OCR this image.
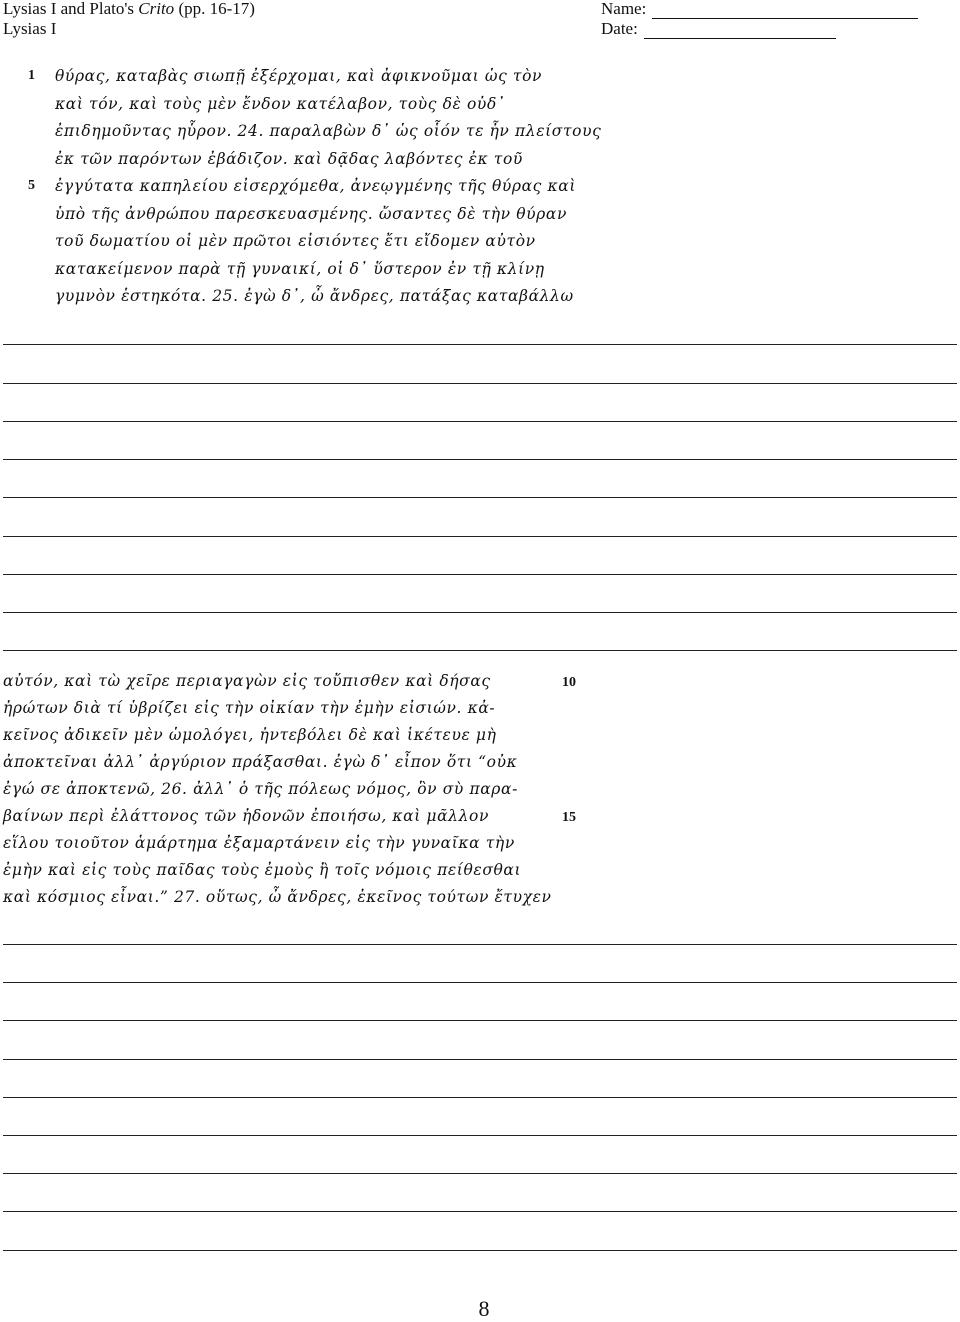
Lysias I and Plato's Crito (pp. 16-17)
Lysias I
Name:
Date:
1
5
θύρας, καταβὰς σιωπῇ ἐξέρχομαι, καὶ ἀφικνοῦμαι ὡς τὸν
καὶ τόν, καὶ τοὺς μὲν ἔνδον κατέλαβον, τοὺς δὲ οὐδ᾽
ἐπιδημοῦντας ηὗρον. 24. παραλαβὼν δ᾽ ὡς οἷόν τε ἦν πλείστους
ἐκ τῶν παρόντων ἐβάδιζον. καὶ δᾷδας λαβόντες ἐκ τοῦ
ἐγγύτατα καπηλείου εἰσερχόμεθα, ἀνεῳγμένης τῆς θύρας καὶ
ὑπὸ τῆς ἀνθρώπου παρεσκευασμένης. ὤσαντες δὲ τὴν θύραν
τοῦ δωματίου οἱ μὲν πρῶτοι εἰσιόντες ἔτι εἴδομεν αὐτὸν
κατακείμενον παρὰ τῇ γυναικί, οἱ δ᾽ ὕστερον ἐν τῇ κλίνῃ
γυμνὸν ἑστηκότα. 25. ἐγὼ δ᾽, ὦ ἄνδρες, πατάξας καταβάλλω
10
15
αὐτόν, καὶ τὼ χεῖρε περιαγαγὼν εἰς τοὔπισθεν καὶ δήσας
ἠρώτων διὰ τί ὑβρίζει εἰς τὴν οἰκίαν τὴν ἐμὴν εἰσιών. κἀ-
κεῖνος ἀδικεῖν μὲν ὡμολόγει, ἠντεβόλει δὲ καὶ ἱκέτευε μὴ
ἀποκτεῖναι ἀλλ᾽ ἀργύριον πράξασθαι. ἐγὼ δ᾽ εἶπον ὅτι “οὐκ
ἐγώ σε ἀποκτενῶ, 26. ἀλλ᾽ ὁ τῆς πόλεως νόμος, ὃν σὺ παρα-
βαίνων περὶ ἐλάττονος τῶν ἡδονῶν ἐποιήσω, καὶ μᾶλλον
εἵλου τοιοῦτον ἁμάρτημα ἐξαμαρτάνειν εἰς τὴν γυναῖκα τὴν
ἐμὴν καὶ εἰς τοὺς παῖδας τοὺς ἐμοὺς ἢ τοῖς νόμοις πείθεσθαι
καὶ κόσμιος εἶναι.” 27. οὕτως, ὦ ἄνδρες, ἐκεῖνος τούτων ἔτυχεν
8
